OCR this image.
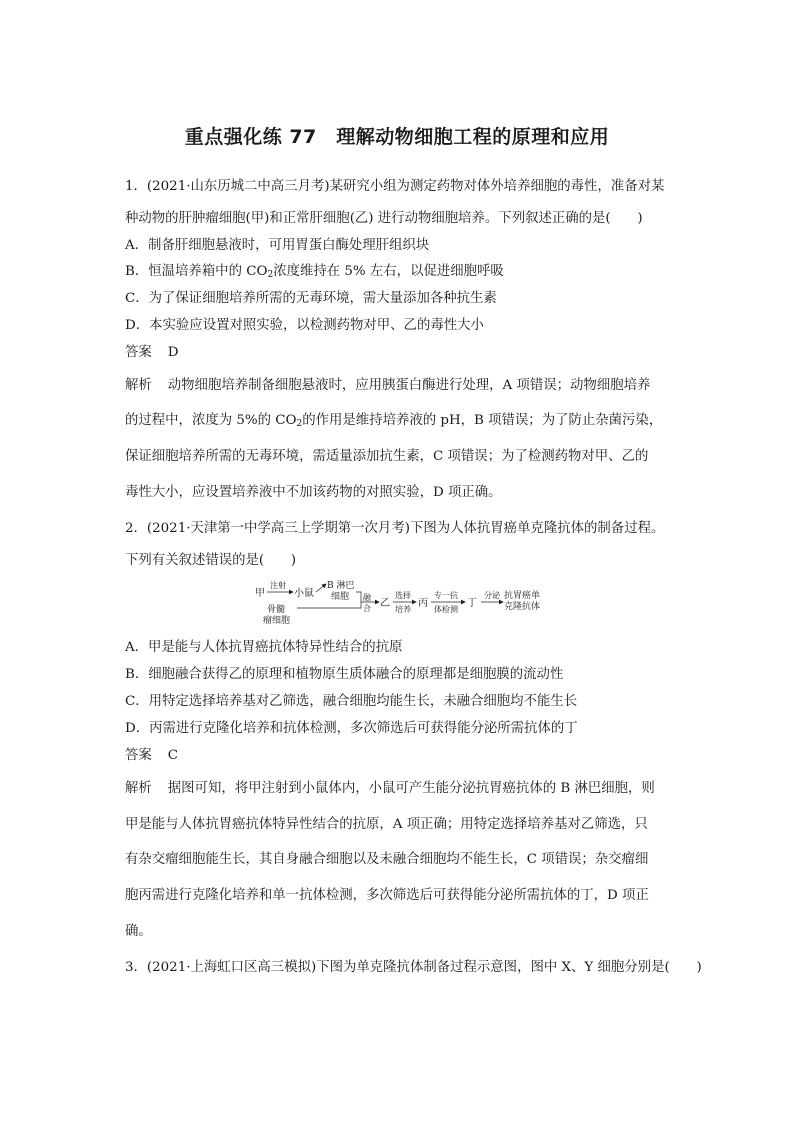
重点强化练 77　理解动物细胞工程的原理和应用
1．(2021·山东历城二中高三月考)某研究小组为测定药物对体外培养细胞的毒性，准备对某
种动物的肝肿瘤细胞(甲)和正常肝细胞(乙) 进行动物细胞培养。下列叙述正确的是(　　)
A．制备肝细胞悬液时，可用胃蛋白酶处理肝组织块
B．恒温培养箱中的 $CO_2$浓度维持在 5% 左右，以促进细胞呼吸
C．为了保证细胞培养所需的无毒环境，需大量添加各种抗生素
D．本实验应设置对照实验，以检测药物对甲、乙的毒性大小
答案 D
解析 动物细胞培养制备细胞悬液时，应用胰蛋白酶进行处理，A 项错误；动物细胞培养
的过程中，浓度为 5%的 $CO_2$的作用是维持培养液的 pH，B 项错误；为了防止杂菌污染，
保证细胞培养所需的无毒环境，需适量添加抗生素，C 项错误；为了检测药物对甲、乙的
毒性大小，应设置培养液中不加该药物的对照实验，D 项正确。
2．(2021·天津第一中学高三上学期第一次月考)下图为人体抗胃癌单克隆抗体的制备过程。
下列有关叙述错误的是(　　)
甲
注射
小鼠
B 淋巴
细胞
骨髓
瘤细胞
融
合 乙
选择
培养
丙
专一抗
体检测
丁
分泌 抗胃癌单
克隆抗体
A．甲是能与人体抗胃癌抗体特异性结合的抗原
B．细胞融合获得乙的原理和植物原生质体融合的原理都是细胞膜的流动性
C．用特定选择培养基对乙筛选，融合细胞均能生长，未融合细胞均不能生长
D．丙需进行克隆化培养和抗体检测，多次筛选后可获得能分泌所需抗体的丁
答案 C
解析 据图可知，将甲注射到小鼠体内，小鼠可产生能分泌抗胃癌抗体的 B 淋巴细胞，则
甲是能与人体抗胃癌抗体特异性结合的抗原，A 项正确；用特定选择培养基对乙筛选，只
有杂交瘤细胞能生长，其自身融合细胞以及未融合细胞均不能生长，C 项错误；杂交瘤细
胞丙需进行克隆化培养和单一抗体检测，多次筛选后可获得能分泌所需抗体的丁，D 项正
确。
3．(2021·上海虹口区高三模拟)下图为单克隆抗体制备过程示意图，图中 X、Y 细胞分别是(　　)
